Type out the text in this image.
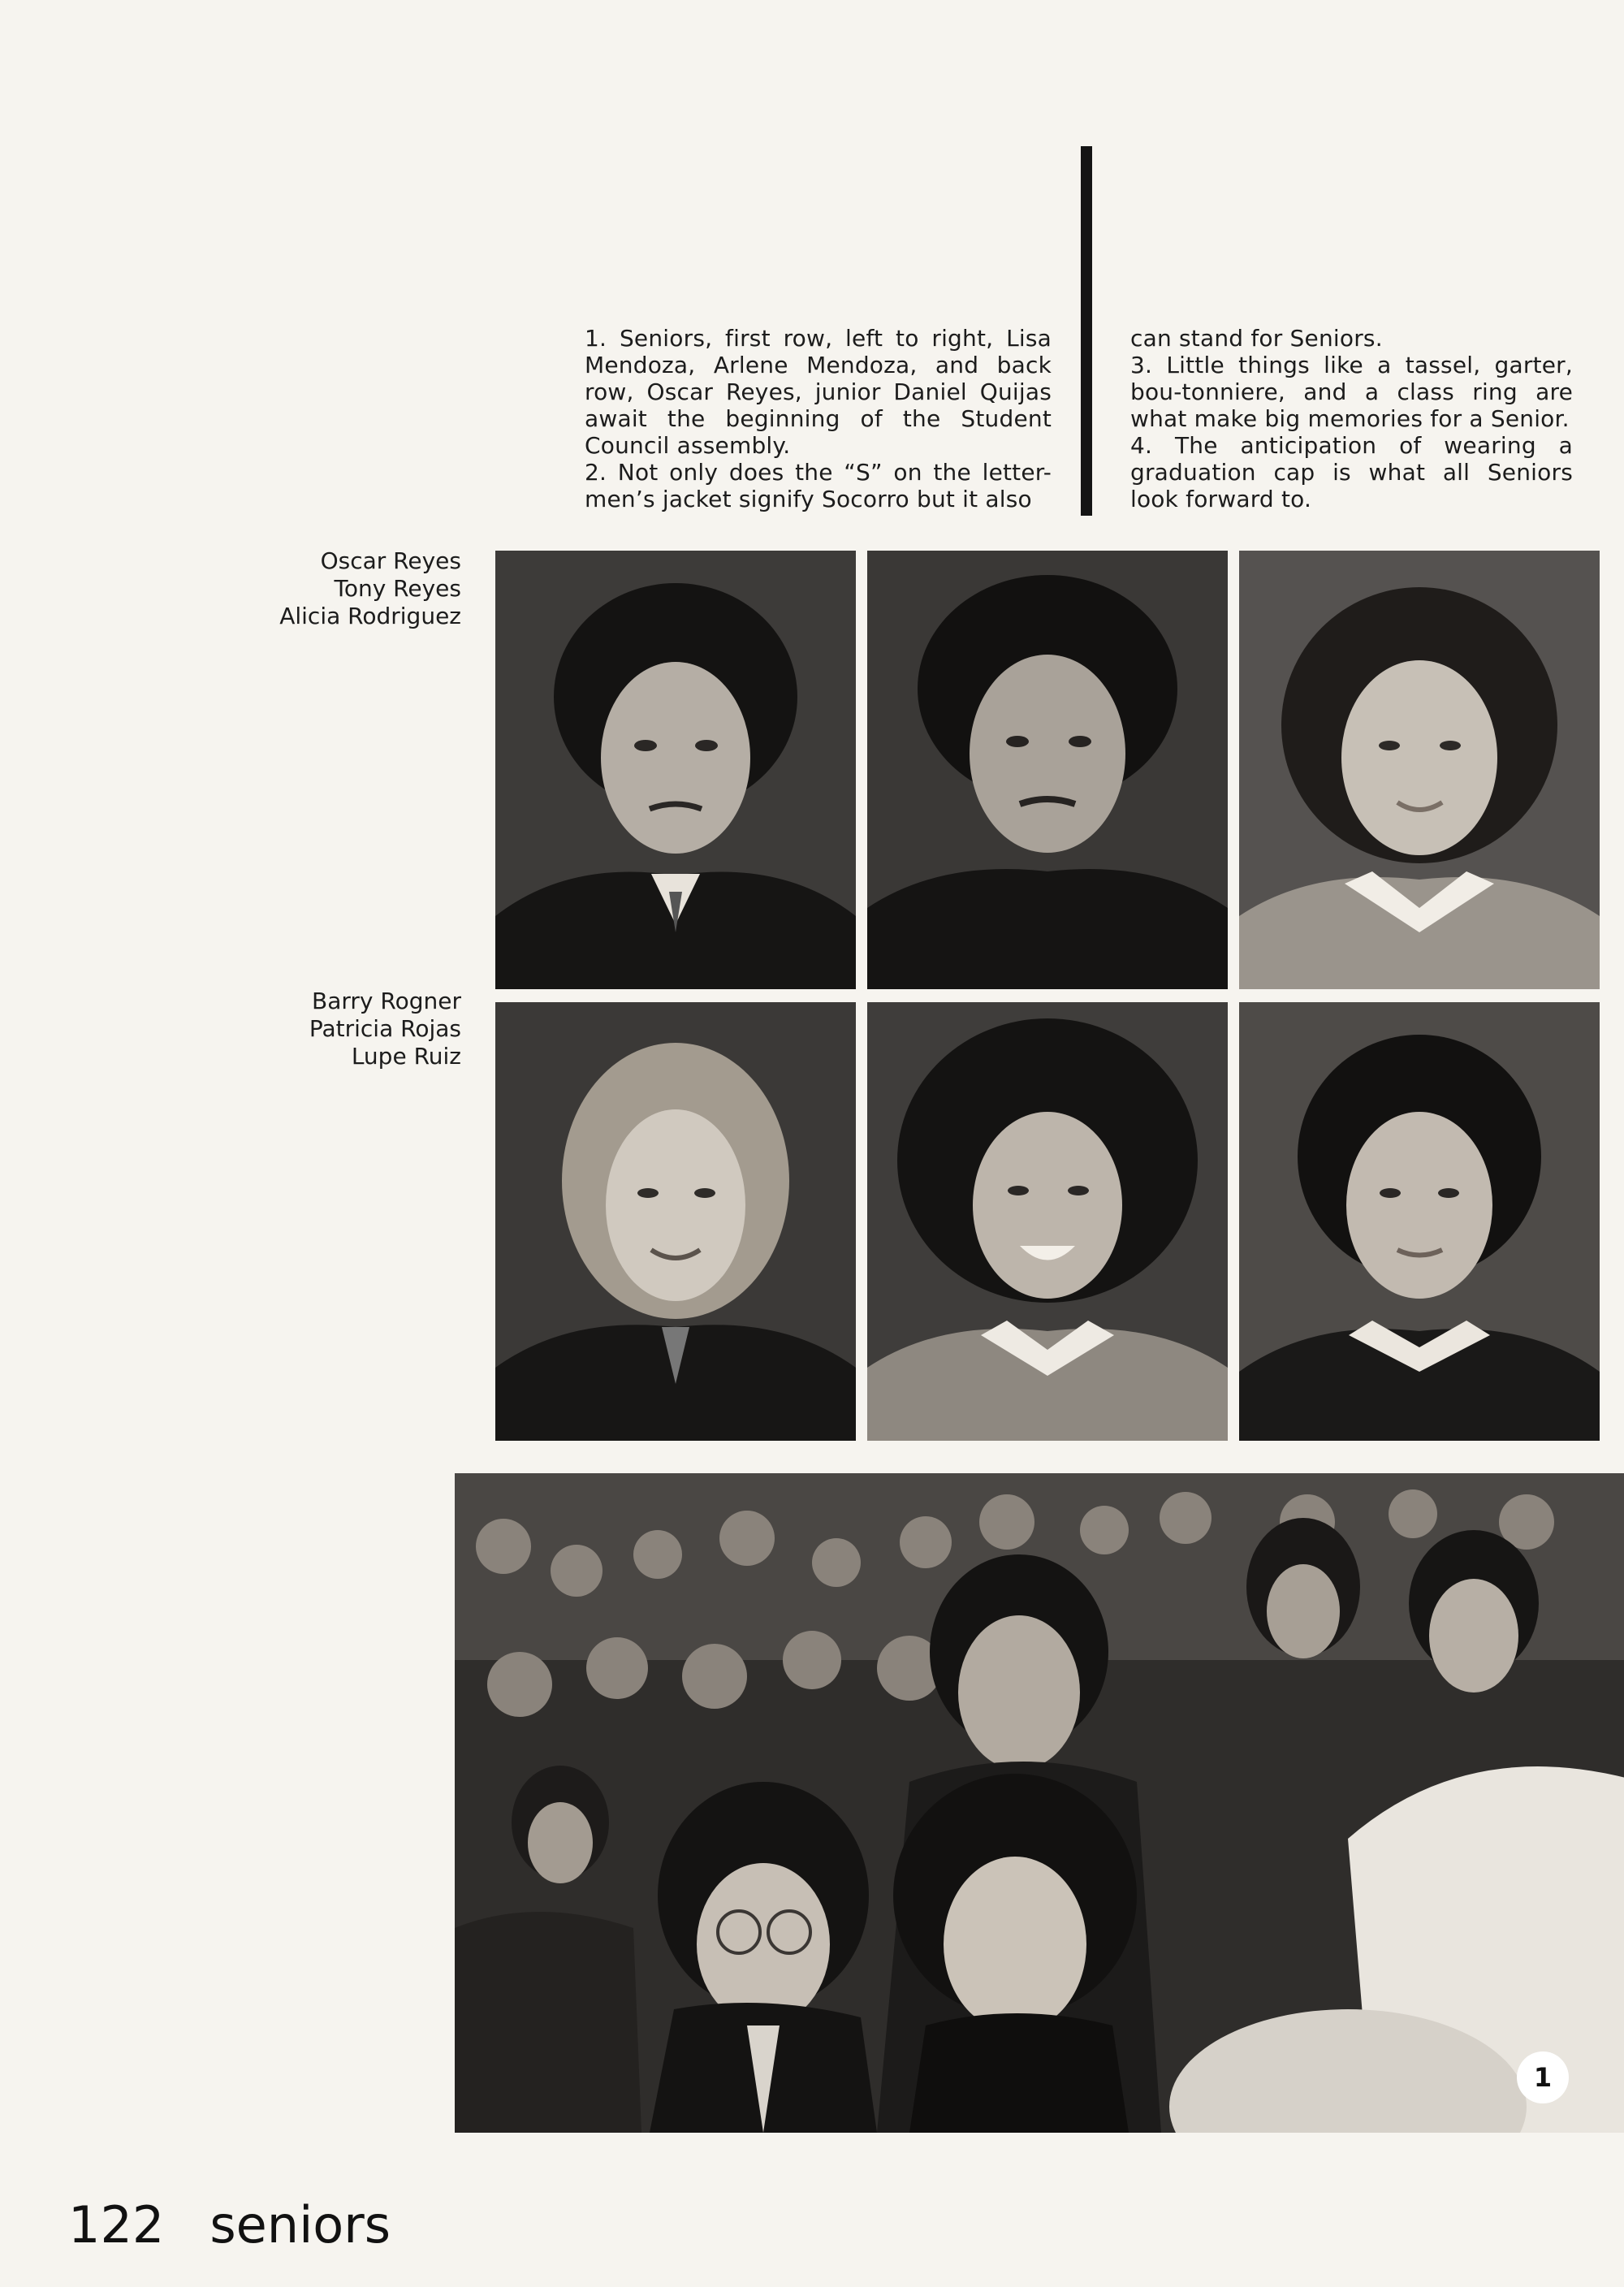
1. Seniors, first row, left to right, Lisa Mendoza, Arlene Mendoza, and back row, Oscar Reyes, junior Daniel Quijas await the beginning of the Student Council assembly.

2. Not only does the “S” on the letter-men’s jacket signify Socorro but it also

can stand for Seniors.

3. Little things like a tassel, garter, bou-tonniere, and a class ring are what make big memories for a Senior.

4. The anticipation of wearing a graduation cap is what all Seniors look forward to.

Oscar Reyes
Tony Reyes
Alicia Rodriguez
Barry Rogner
Patricia Rojas
Lupe Ruiz
1
122 seniors
